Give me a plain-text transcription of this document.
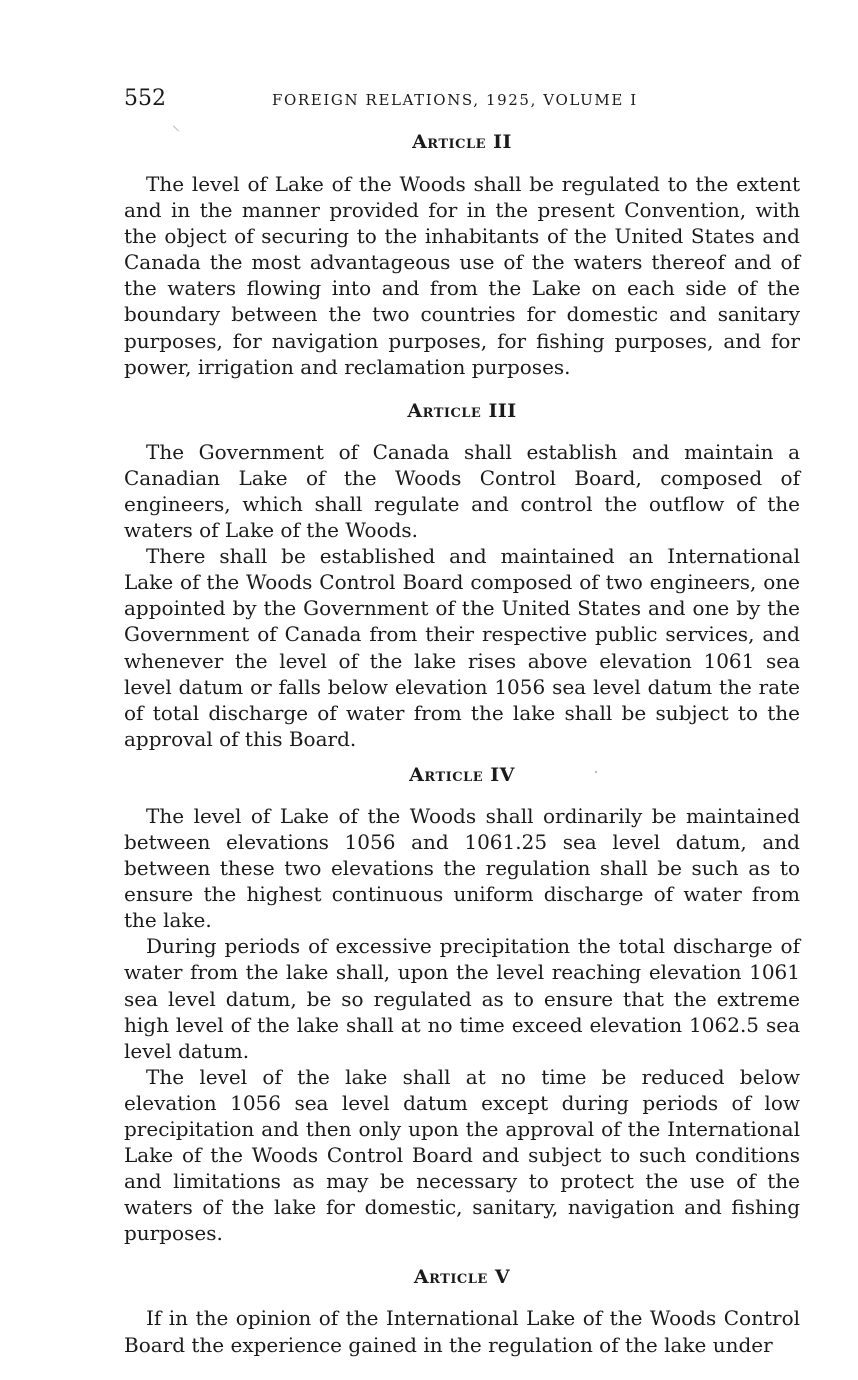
552	FOREIGN RELATIONS, 1925, VOLUME I
Article II

The level of Lake of the Woods shall be regulated to the extent and in the manner provided for in the present Convention, with the object of securing to the inhabitants of the United States and Canada the most advantageous use of the waters thereof and of the waters flowing into and from the Lake on each side of the boundary between the two countries for domestic and sanitary purposes, for navigation purposes, for fishing purposes, and for power, irrigation and reclamation purposes.

Article III

The Government of Canada shall establish and maintain a Canadian Lake of the Woods Control Board, composed of engineers, which shall regulate and control the outflow of the waters of Lake of the Woods.

There shall be established and maintained an International Lake of the Woods Control Board composed of two engineers, one appointed by the Government of the United States and one by the Government of Canada from their respective public services, and whenever the level of the lake rises above elevation 1061 sea level datum or falls below elevation 1056 sea level datum the rate of total discharge of water from the lake shall be subject to the approval of this Board.

Article IV

The level of Lake of the Woods shall ordinarily be maintained between elevations 1056 and 1061.25 sea level datum, and between these two elevations the regulation shall be such as to ensure the highest continuous uniform discharge of water from the lake.

During periods of excessive precipitation the total discharge of water from the lake shall, upon the level reaching elevation 1061 sea level datum, be so regulated as to ensure that the extreme high level of the lake shall at no time exceed elevation 1062.5 sea level datum.

The level of the lake shall at no time be reduced below elevation 1056 sea level datum except during periods of low precipitation and then only upon the approval of the International Lake of the Woods Control Board and subject to such conditions and limitations as may be necessary to protect the use of the waters of the lake for domestic, sanitary, navigation and fishing purposes.

Article V

If in the opinion of the International Lake of the Woods Control Board the experience gained in the regulation of the lake under
